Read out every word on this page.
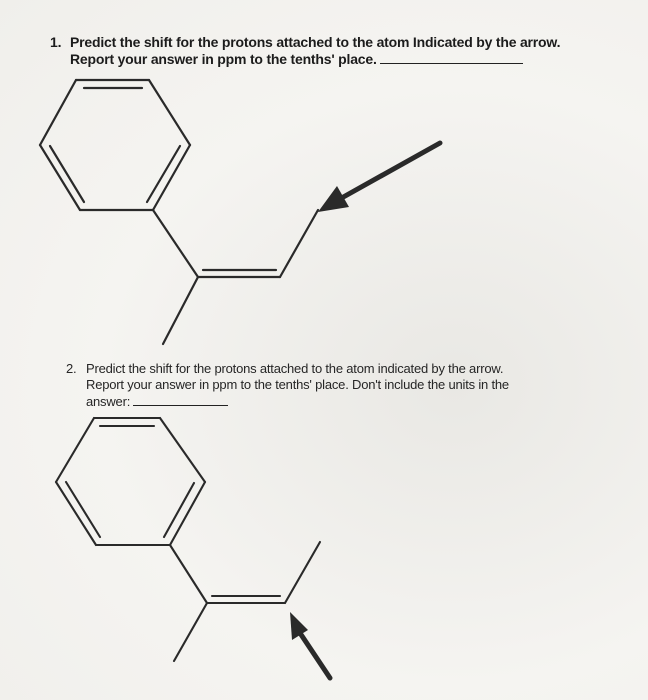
1. Predict the shift for the protons attached to the atom Indicated by the arrow.
Report your answer in ppm to the tenths' place.
2. Predict the shift for the protons attached to the atom indicated by the arrow.
Report your answer in ppm to the tenths' place. Don't include the units in the
answer:
